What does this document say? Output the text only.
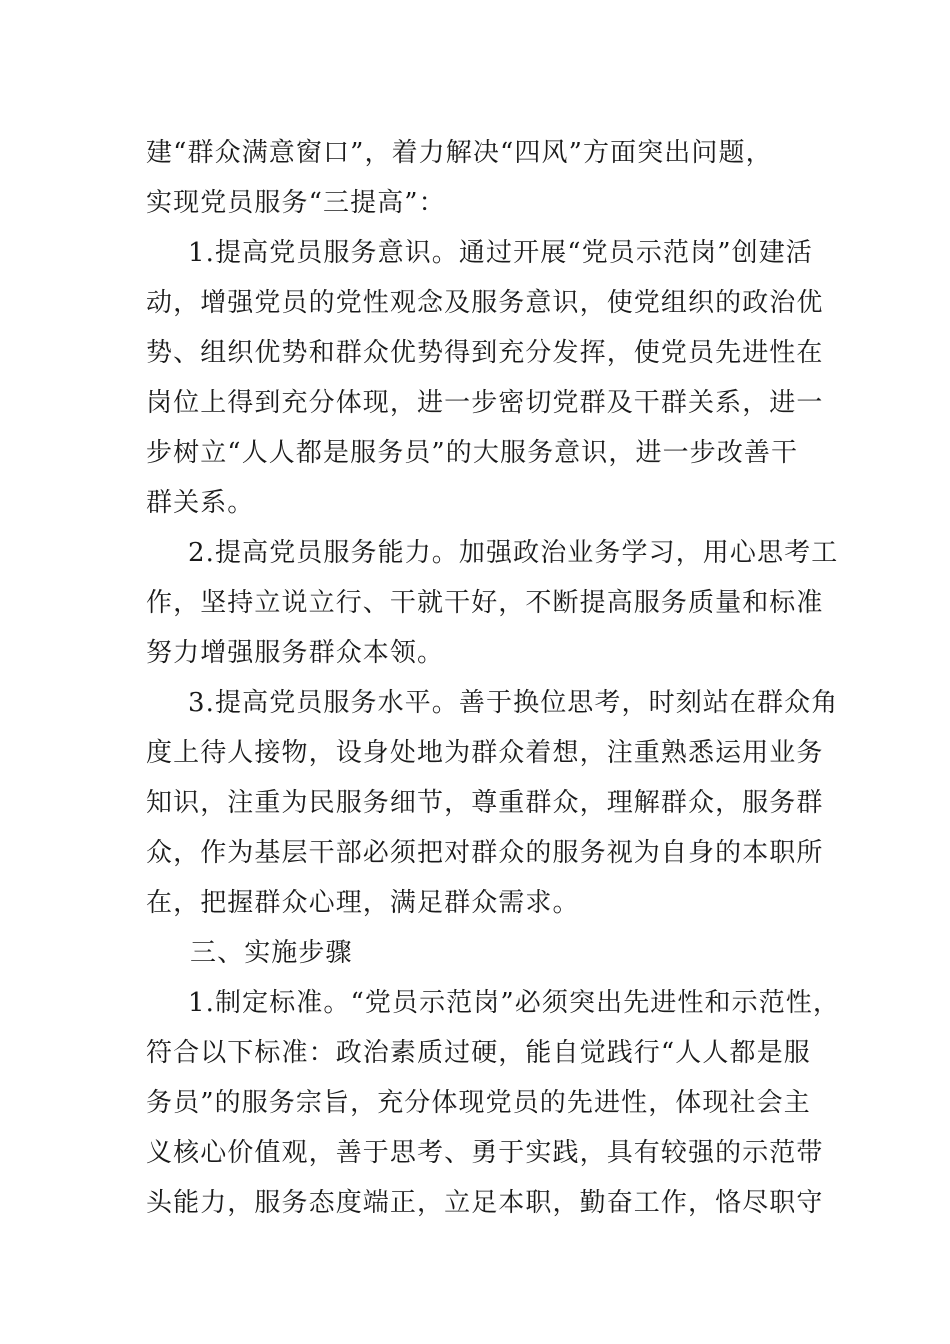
建“群众满意窗口”，着力解决“四风”方面突出问题，
实现党员服务“三提高”：
1.提高党员服务意识。通过开展“党员示范岗”创建活
动，增强党员的党性观念及服务意识，使党组织的政治优
势、组织优势和群众优势得到充分发挥，使党员先进性在
岗位上得到充分体现，进一步密切党群及干群关系，进一
步树立“人人都是服务员”的大服务意识，进一步改善干
群关系。
2.提高党员服务能力。加强政治业务学习，用心思考工
作，坚持立说立行、干就干好，不断提高服务质量和标准
努力增强服务群众本领。
3.提高党员服务水平。善于换位思考，时刻站在群众角
度上待人接物，设身处地为群众着想，注重熟悉运用业务
知识，注重为民服务细节，尊重群众，理解群众，服务群
众，作为基层干部必须把对群众的服务视为自身的本职所
在，把握群众心理，满足群众需求。
三、实施步骤
1.制定标准。“党员示范岗”必须突出先进性和示范性，
符合以下标准：政治素质过硬，能自觉践行“人人都是服
务员”的服务宗旨，充分体现党员的先进性，体现社会主
义核心价值观，善于思考、勇于实践，具有较强的示范带
头能力，服务态度端正，立足本职，勤奋工作，恪尽职守
